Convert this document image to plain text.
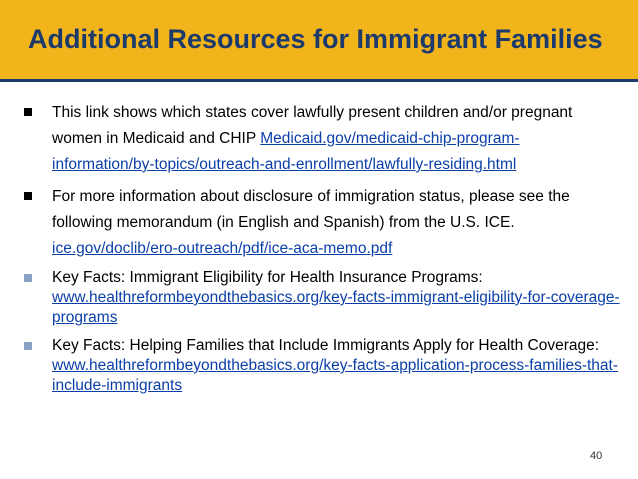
Additional Resources for Immigrant Families
This link shows which states cover lawfully present children and/or pregnant women in Medicaid and CHIP Medicaid.gov/medicaid-chip-program-information/by-topics/outreach-and-enrollment/lawfully-residing.html
For more information about disclosure of immigration status, please see the following memorandum (in English and Spanish) from the U.S. ICE. ice.gov/doclib/ero-outreach/pdf/ice-aca-memo.pdf
Key Facts: Immigrant Eligibility for Health Insurance Programs: www.healthreformbeyondthebasics.org/key-facts-immigrant-eligibility-for-coverage-programs
Key Facts: Helping Families that Include Immigrants Apply for Health Coverage: www.healthreformbeyondthebasics.org/key-facts-application-process-families-that-include-immigrants
40
